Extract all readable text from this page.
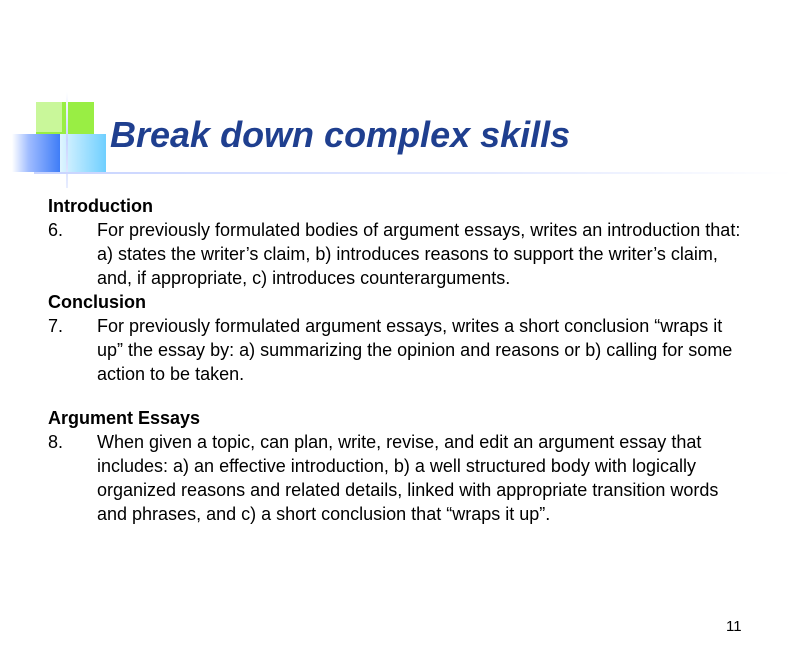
Break down complex skills

Introduction

6.	For previously formulated bodies of argument essays, writes an introduction that: a) states the writer’s claim, b) introduces reasons to support the writer’s claim, and, if appropriate, c) introduces counterarguments.

Conclusion

7.	For previously formulated argument essays, writes a short conclusion “wraps it up” the essay by: a) summarizing the opinion and reasons or b) calling for some action to be taken.

Argument Essays

8.	When given a topic, can plan, write, revise, and edit an argument essay that includes: a) an effective introduction, b) a well structured body with logically organized reasons and related details, linked with appropriate transition words and phrases, and c) a short conclusion that “wraps it up”.
11
